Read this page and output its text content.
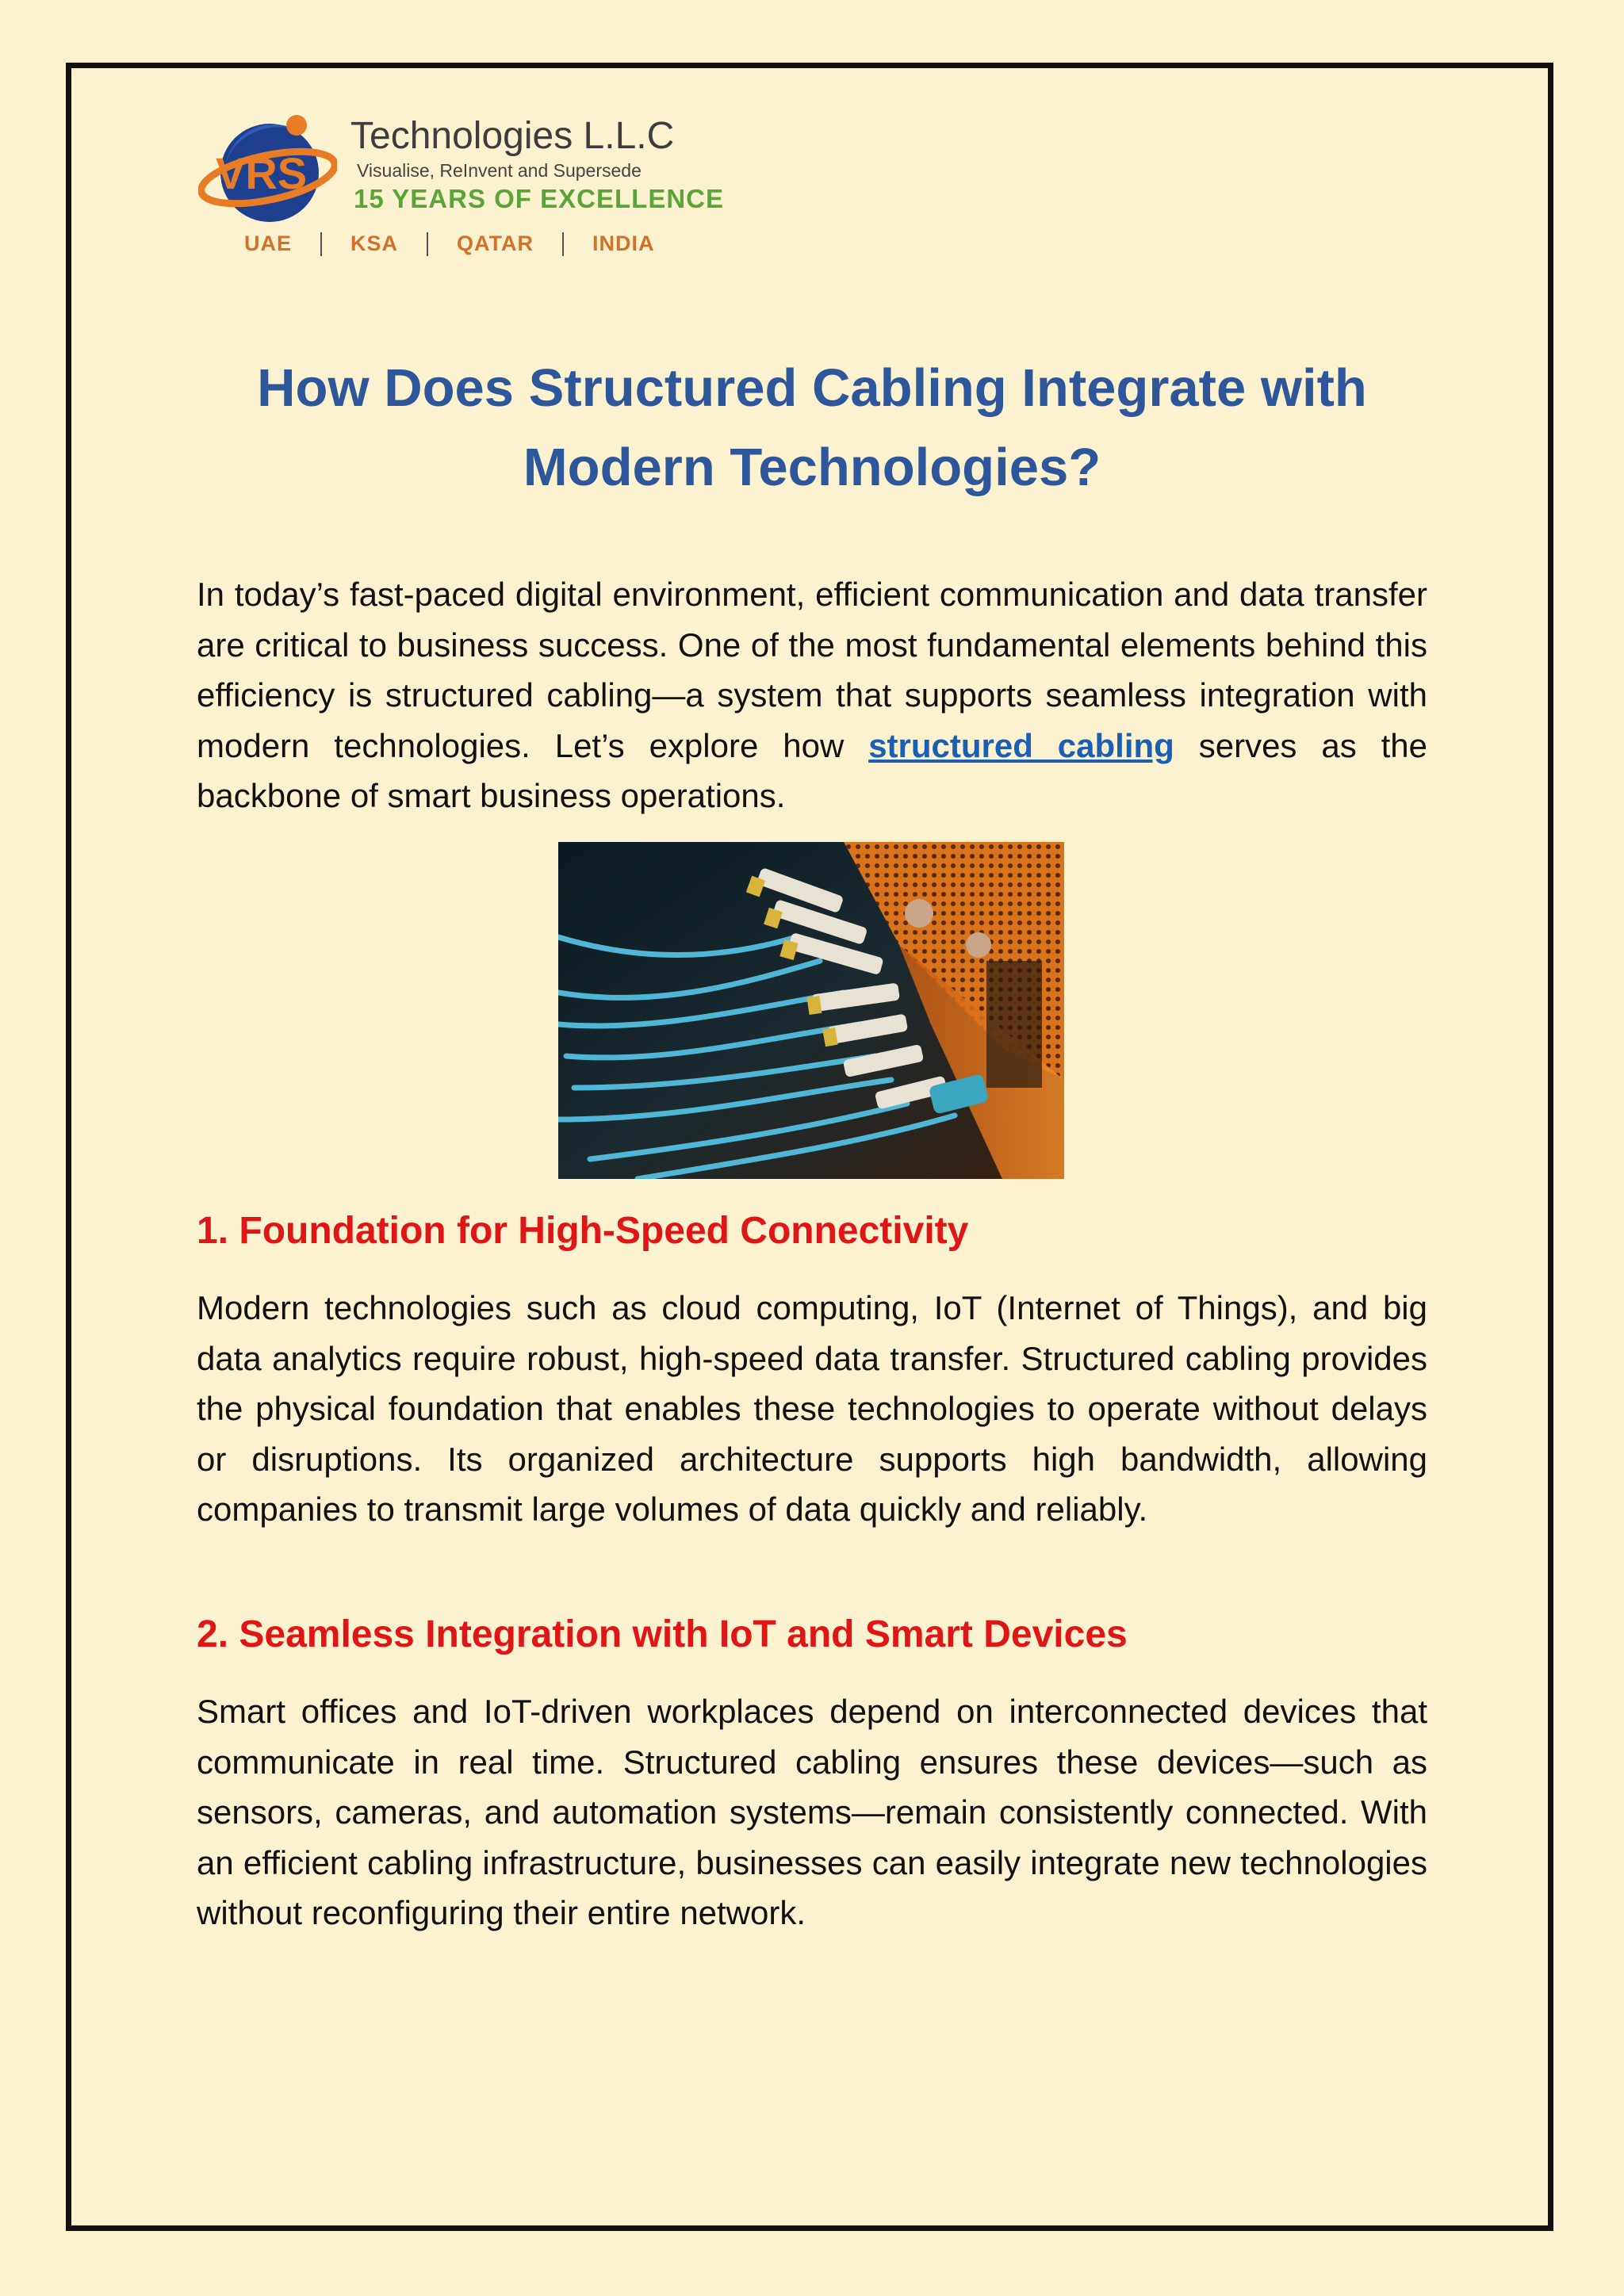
VRS
Technologies L.L.C
Visualise, ReInvent and Supersede
15 YEARS OF EXCELLENCE
UAE	KSA	QATAR	INDIA
How Does Structured Cabling Integrate with Modern Technologies?

In today’s fast-paced digital environment, efficient communication and data transfer are critical to business success. One of the most fundamental elements behind this efficiency is structured cabling—a system that supports seamless integration with modern technologies. Let’s explore how structured cabling serves as the backbone of smart business operations.

1. Foundation for High-Speed Connectivity

Modern technologies such as cloud computing, IoT (Internet of Things), and big data analytics require robust, high-speed data transfer. Structured cabling provides the physical foundation that enables these technologies to operate without delays or disruptions. Its organized architecture supports high bandwidth, allowing companies to transmit large volumes of data quickly and reliably.

2. Seamless Integration with IoT and Smart Devices

Smart offices and IoT-driven workplaces depend on interconnected devices that communicate in real time. Structured cabling ensures these devices—such as sensors, cameras, and automation systems—remain consistently connected. With an efficient cabling infrastructure, businesses can easily integrate new technologies without reconfiguring their entire network.
